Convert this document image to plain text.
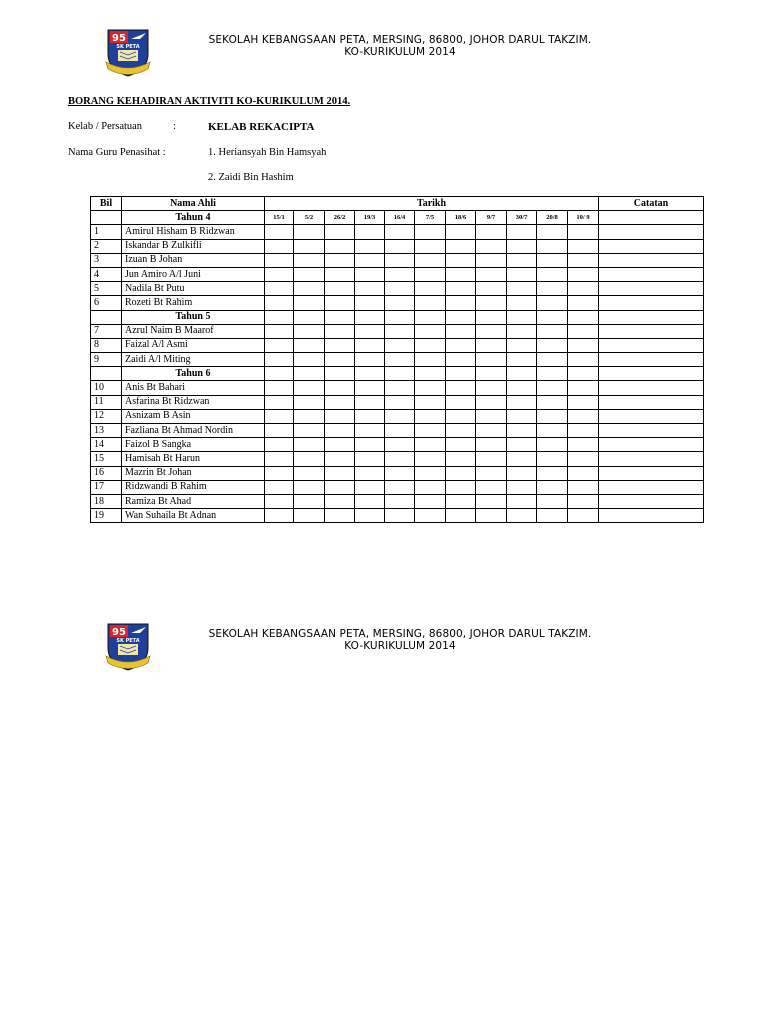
95
SK PETA
SEKOLAH KEBANGSAAN PETA, MERSING, 86800, JOHOR DARUL TAKZIM.
KO-KURIKULUM 2014
BORANG KEHADIRAN AKTIVITI KO-KURIKULUM 2014.
Kelab / Persatuan	:	KELAB REKACIPTA
Nama Guru Penasihat :	1. Heriansyah Bin Hamsyah
2. Zaidi Bin Hashim
Bil	Nama Ahli	Tarikh											Catatan
	Tahun 4	15/1	5/2	26/2	19/3	16/4	7/5	18/6	9/7	30/7	20/8	10/ 9	
1	Amirul Hisham B Ridzwan												
2	Iskandar B Zulkifli												
3	Izuan B Johan												
4	Jun Amiro A/l Juni												
5	Nadila Bt Putu												
6	Rozeti Bt Rahim												
	Tahun 5												
7	Azrul Naim B Maarof												
8	Faizal A/l Asmi												
9	Zaidi A/l Miting												
	Tahun 6												
10	Anis Bt Bahari												
11	Asfarina Bt Ridzwan												
12	Asnizam B Asin												
13	Fazliana Bt Ahmad Nordin												
14	Faizol B Sangka												
15	Hamisah Bt Harun												
16	Mazrin Bt Johan												
17	Ridzwandi B Rahim												
18	Ramiza Bt Ahad												
19	Wan Suhaila Bt Adnan												
95
SK PETA
SEKOLAH KEBANGSAAN PETA, MERSING, 86800, JOHOR DARUL TAKZIM.
KO-KURIKULUM 2014
